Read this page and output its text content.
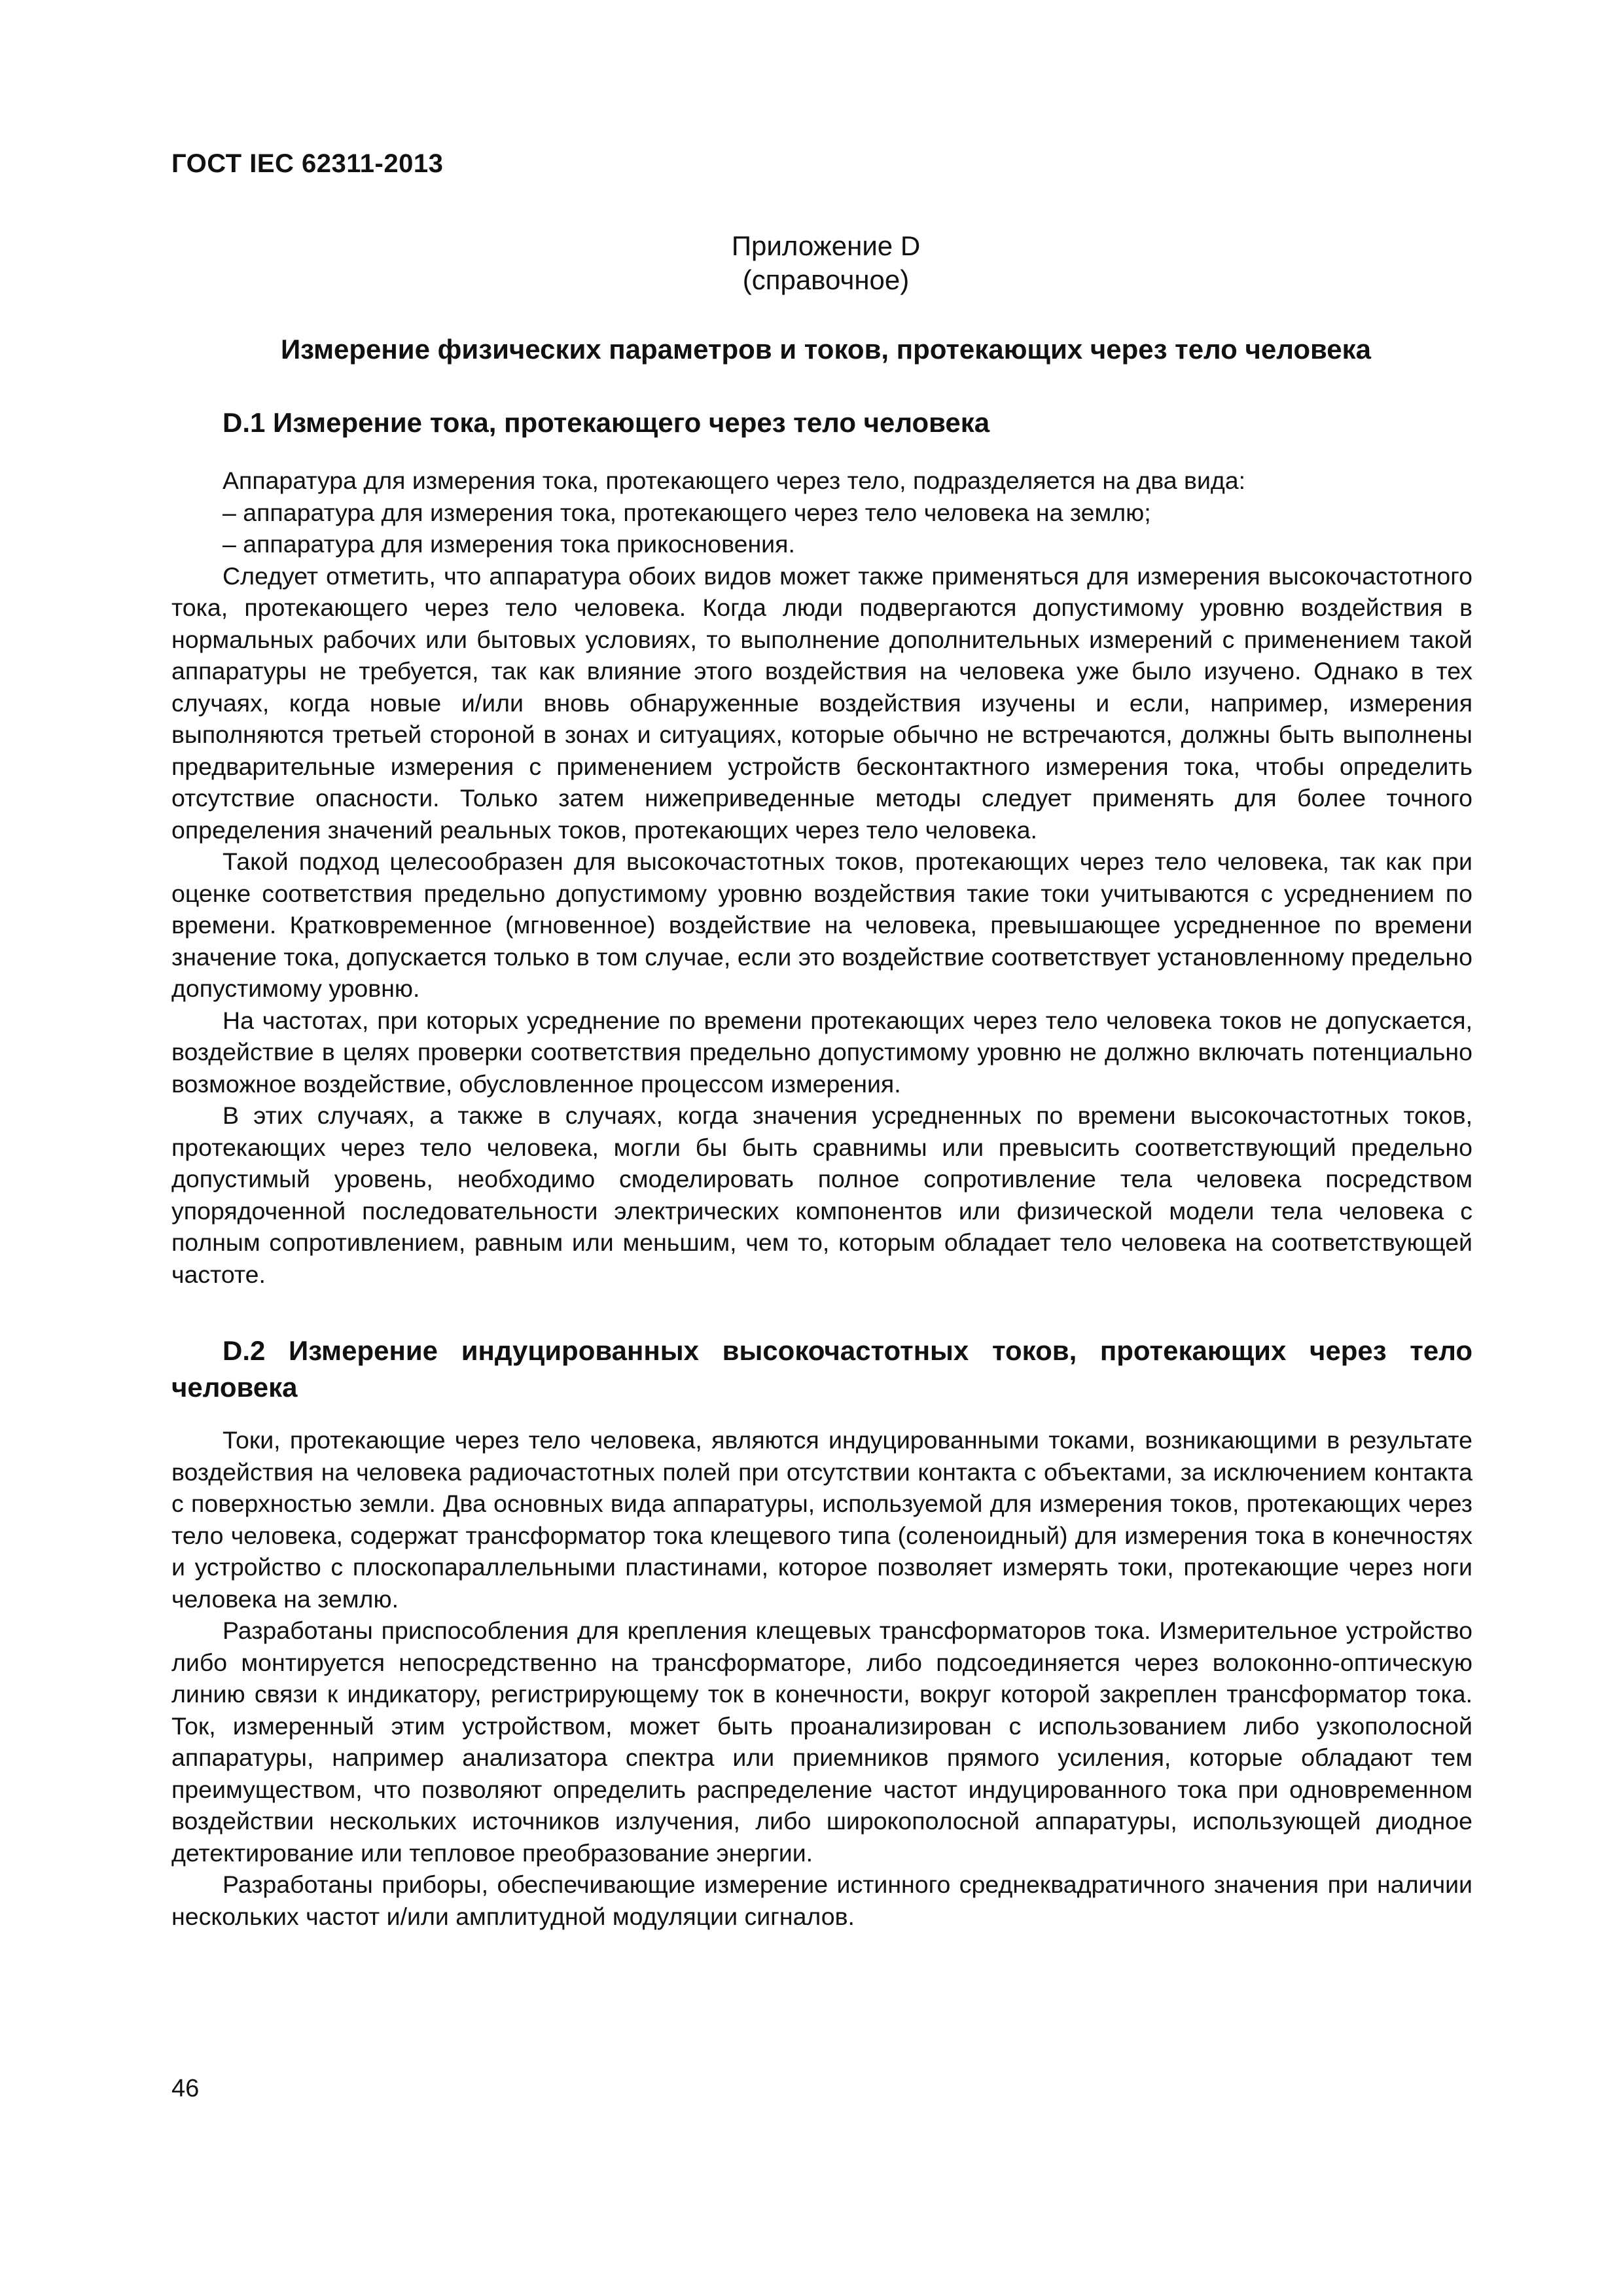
ГОСТ IEC 62311-2013
Приложение D
(справочное)
Измерение физических параметров и токов, протекающих через тело человека
D.1 Измерение тока, протекающего через тело человека

Аппаратура для измерения тока, протекающего через тело, подразделяется на два вида:

– аппаратура для измерения тока, протекающего через тело человека на землю;

– аппаратура для измерения тока прикосновения.

Следует отметить, что аппаратура обоих видов может также применяться для измерения высокочастотного тока, протекающего через тело человека. Когда люди подвергаются допустимому уровню воздействия в нормальных рабочих или бытовых условиях, то выполнение дополнительных измерений с применением такой аппаратуры не требуется, так как влияние этого воздействия на человека уже было изучено. Однако в тех случаях, когда новые и/или вновь обнаруженные воздействия изучены и если, например, измерения выполняются третьей стороной в зонах и ситуациях, которые обычно не встречаются, должны быть выполнены предварительные измерения с применением устройств бесконтактного измерения тока, чтобы определить отсутствие опасности. Только затем нижеприведенные методы следует применять для более точного определения значений реальных токов, протекающих через тело человека.

Такой подход целесообразен для высокочастотных токов, протекающих через тело человека, так как при оценке соответствия предельно допустимому уровню воздействия такие токи учитываются с усреднением по времени. Кратковременное (мгновенное) воздействие на человека, превышающее усредненное по времени значение тока, допускается только в том случае, если это воздействие соответствует установленному предельно допустимому уровню.

На частотах, при которых усреднение по времени протекающих через тело человека токов не допускается, воздействие в целях проверки соответствия предельно допустимому уровню не должно включать потенциально возможное воздействие, обусловленное процессом измерения.

В этих случаях, а также в случаях, когда значения усредненных по времени высокочастотных токов, протекающих через тело человека, могли бы быть сравнимы или превысить соответствующий предельно допустимый уровень, необходимо смоделировать полное сопротивление тела человека посредством упорядоченной последовательности электрических компонентов или физической модели тела человека с полным сопротивлением, равным или меньшим, чем то, которым обладает тело человека на соответствующей частоте.

D.2 Измерение индуцированных высокочастотных токов, протекающих через тело человека

Токи, протекающие через тело человека, являются индуцированными токами, возникающими в результате воздействия на человека радиочастотных полей при отсутствии контакта с объектами, за исключением контакта с поверхностью земли. Два основных вида аппаратуры, используемой для измерения токов, протекающих через тело человека, содержат трансформатор тока клещевого типа (соленоидный) для измерения тока в конечностях и устройство с плоскопараллельными пластинами, которое позволяет измерять токи, протекающие через ноги человека на землю.

Разработаны приспособления для крепления клещевых трансформаторов тока. Измерительное устройство либо монтируется непосредственно на трансформаторе, либо подсоединяется через волоконно-оптическую линию связи к индикатору, регистрирующему ток в конечности, вокруг которой закреплен трансформатор тока. Ток, измеренный этим устройством, может быть проанализирован с использованием либо узкополосной аппаратуры, например анализатора спектра или приемников прямого усиления, которые обладают тем преимуществом, что позволяют определить распределение частот индуцированного тока при одновременном воздействии нескольких источников излучения, либо широкополосной аппаратуры, использующей диодное детектирование или тепловое преобразование энергии.

Разработаны приборы, обеспечивающие измерение истинного среднеквадратичного значения при наличии нескольких частот и/или амплитудной модуляции сигналов.

46
